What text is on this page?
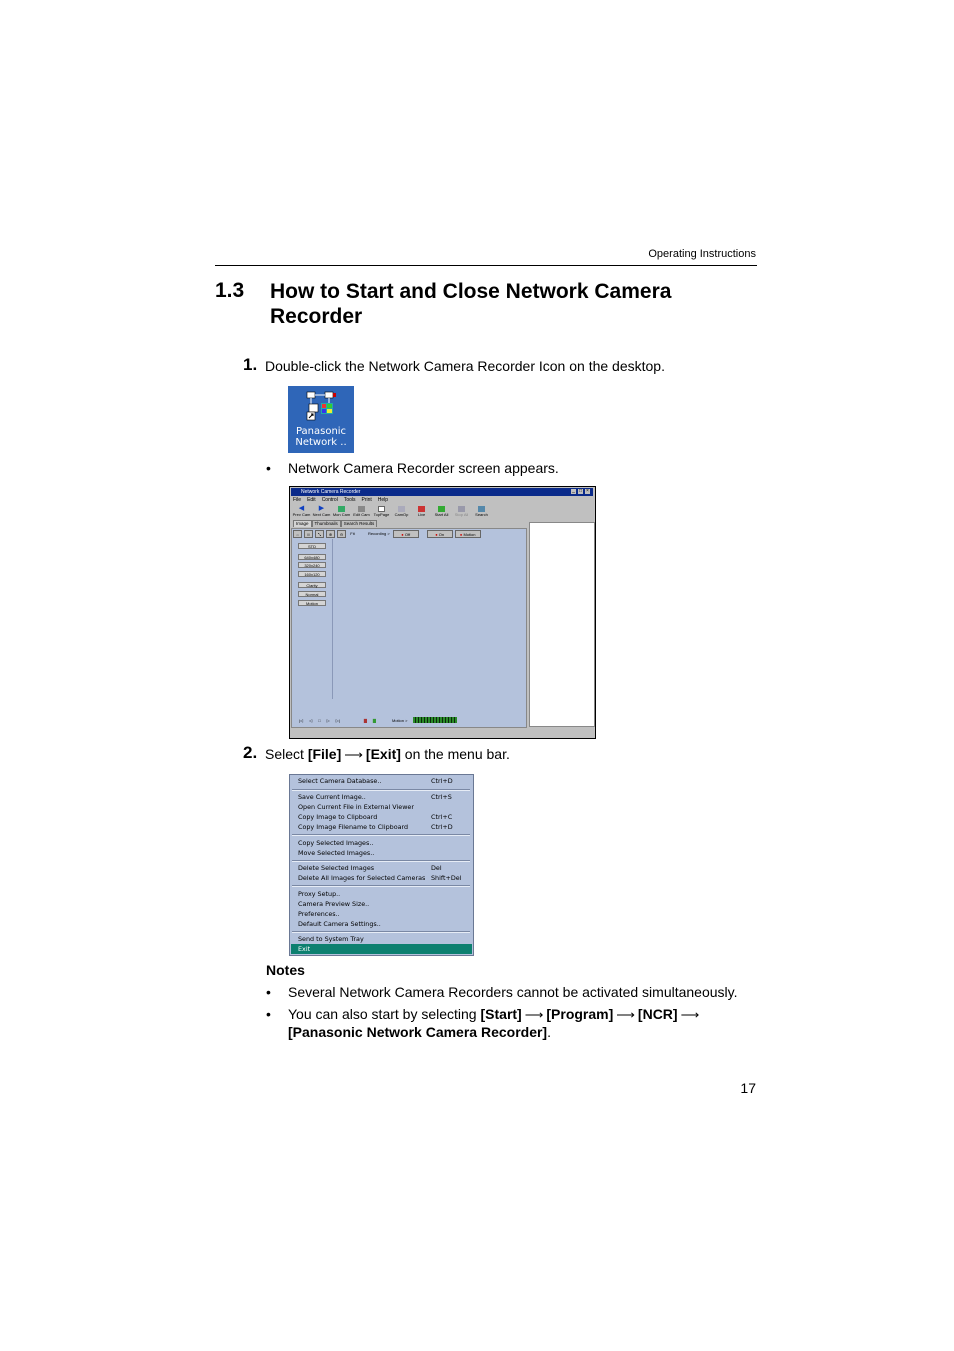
Operating Instructions
1.3 How to Start and Close Network Camera Recorder
1. Double-click the Network Camera Recorder Icon on the desktop.
Panasonic
Network ..
• Network Camera Recorder screen appears.
Network Camera Recorder	_ □ ×
File Edit Control Tools Print Help
◀
Prev Cam
▶
Next Cam Mon Cam Edit Cam TopPage	CamOp	Live	Start All	Stop All	Search
Image	Thumbnails	Search Results
⇔	II	⤡	⊕	⊖	Fit	Recording >	● Off	● On	● Motion
STD
640x480
320x240
160x120
Clarity
Normal
Motion
|◁ ◁ □ ▷ ▷|	▇ ▇	Motion >
2. Select [File] ⟶ [Exit] on the menu bar.
Select Camera Database..	Ctrl+D
Save Current Image..	Ctrl+S
Open Current File in External Viewer
Copy Image to Clipboard	Ctrl+C
Copy Image Filename to Clipboard	Ctrl+D
Copy Selected Images..
Move Selected Images..
Delete Selected Images	Del
Delete All Images for Selected Cameras Shift+Del
Proxy Setup..
Camera Preview Size..
Preferences..
Default Camera Settings..
Send to System Tray
Exit
Notes
• Several Network Camera Recorders cannot be activated simultaneously.
• You can also start by selecting [Start] ⟶ [Program] ⟶ [NCR] ⟶
[Panasonic Network Camera Recorder].
17
